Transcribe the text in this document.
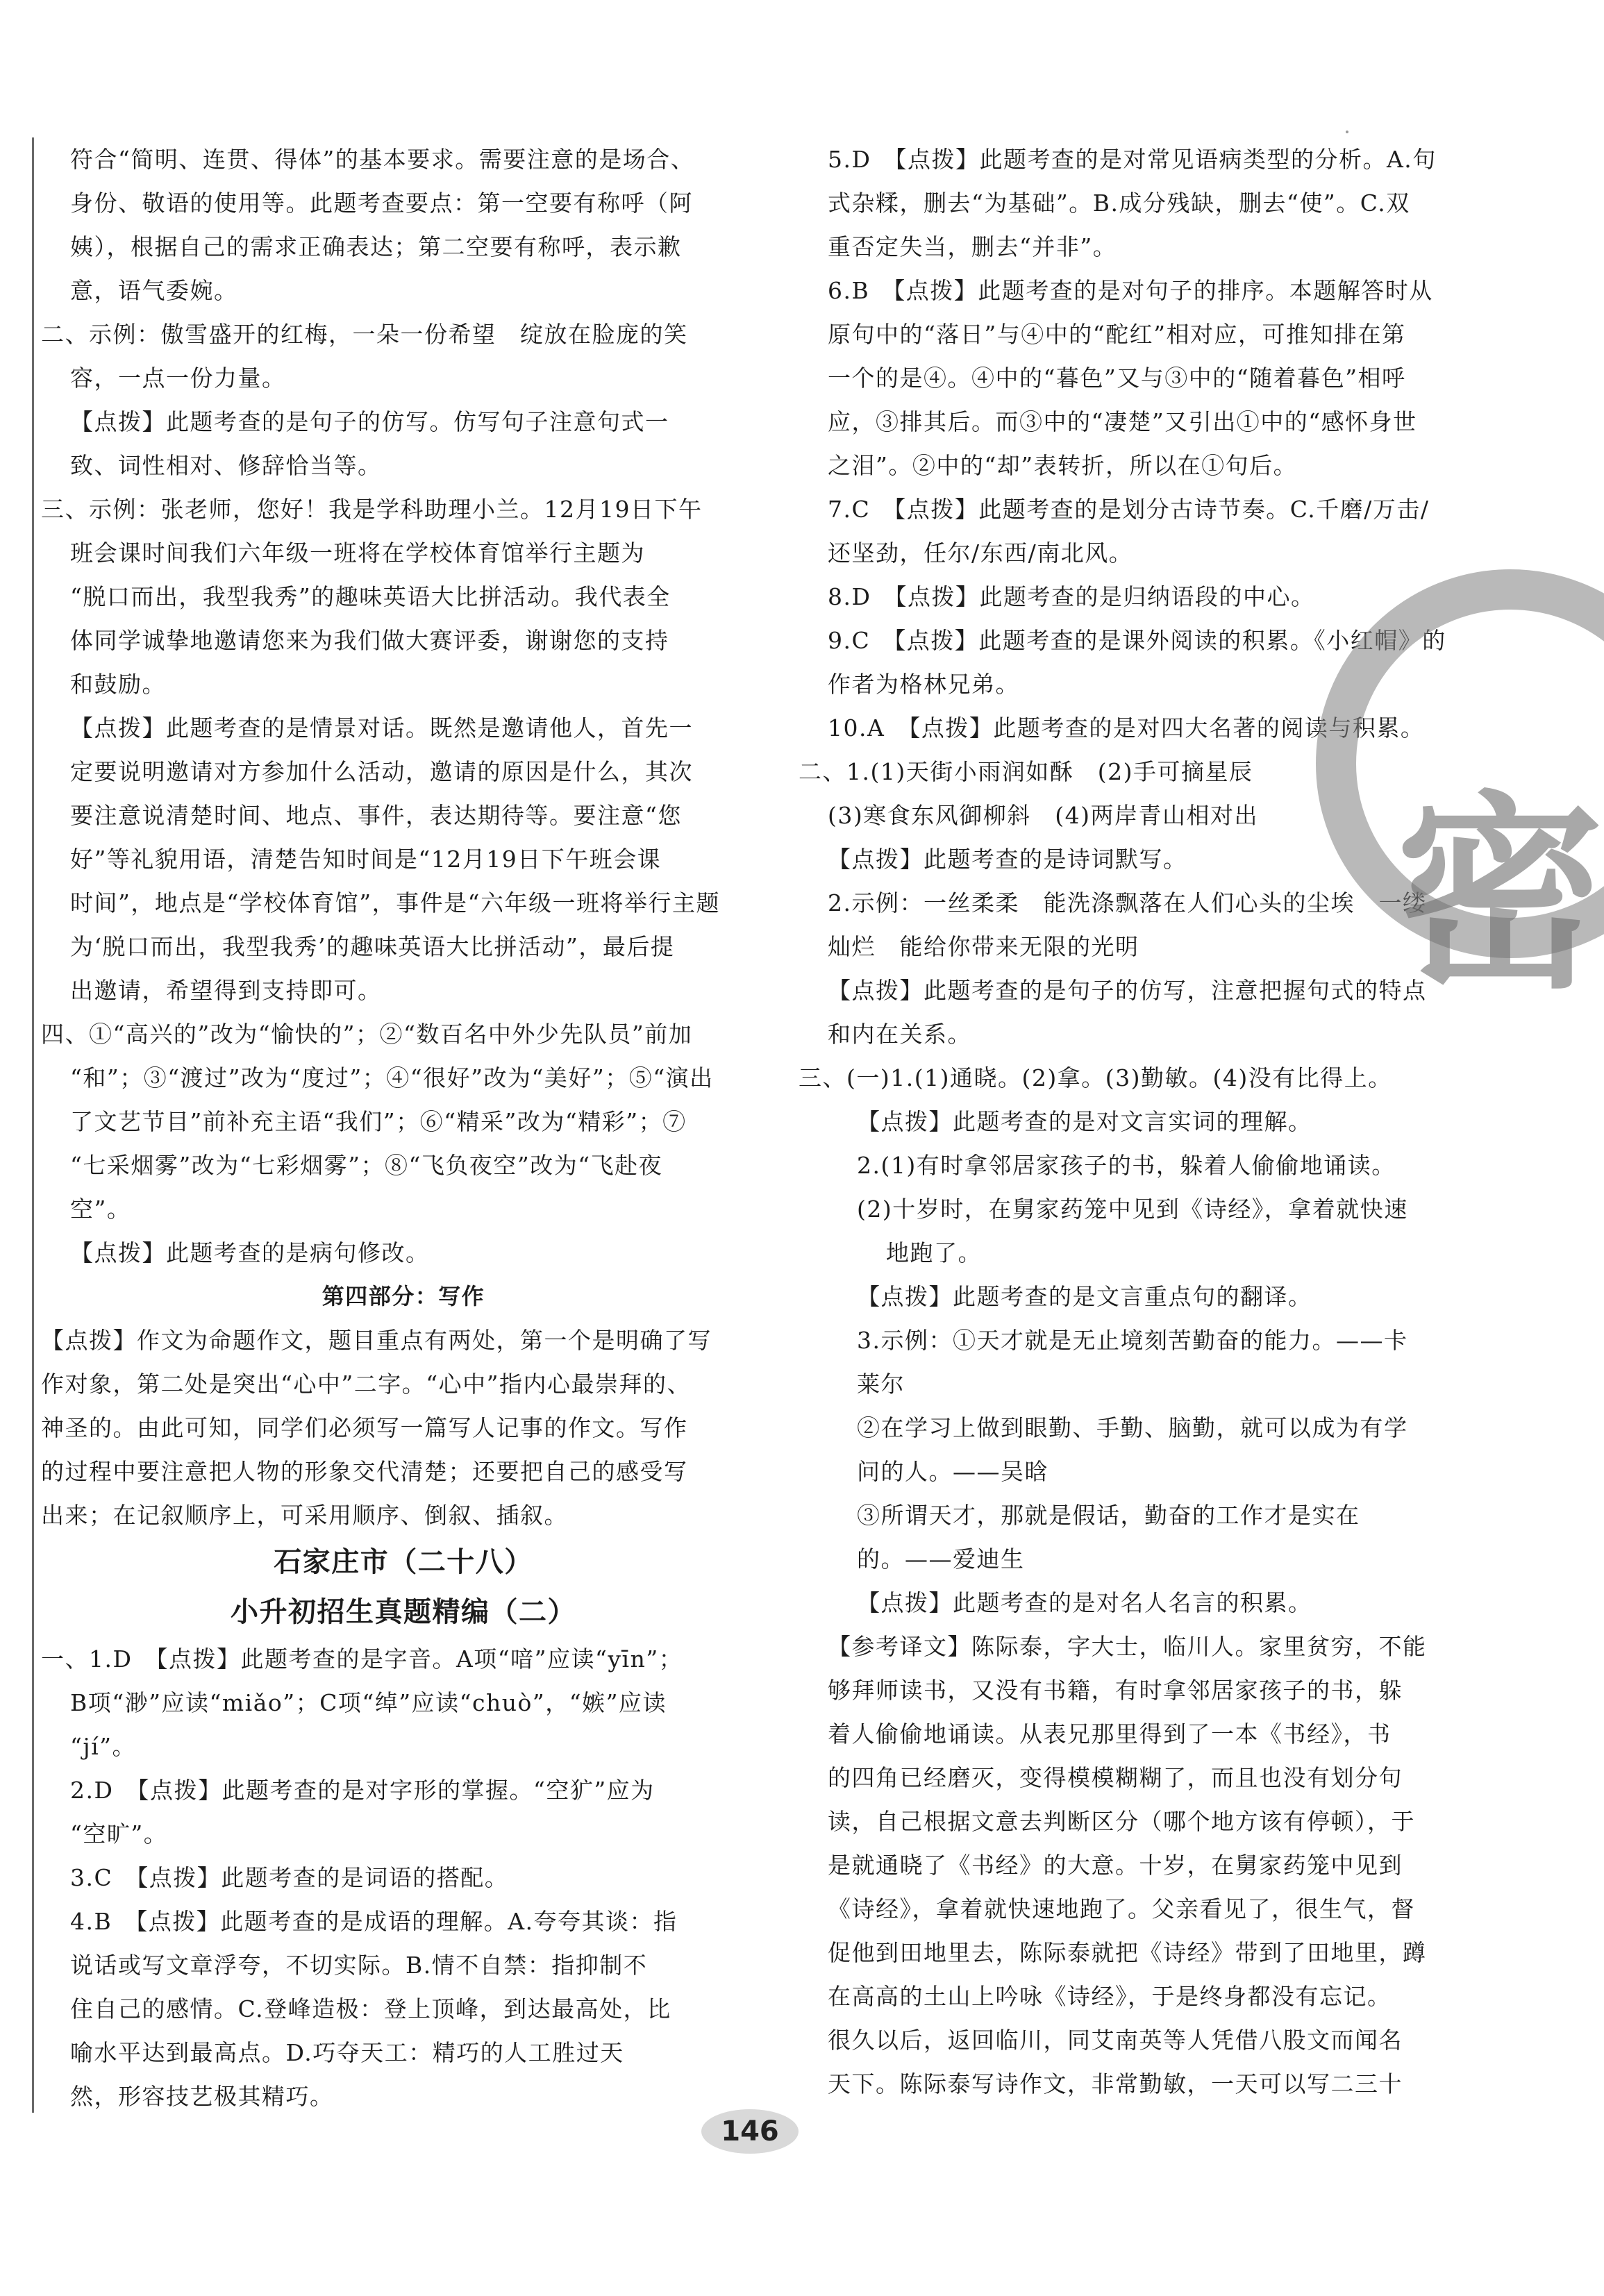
符合“简明、连贯、得体”的基本要求。需要注意的是场合、
身份、敬语的使用等。此题考查要点：第一空要有称呼（阿
姨），根据自己的需求正确表达；第二空要有称呼，表示歉
意，语气委婉。
二、示例：傲雪盛开的红梅，一朵一份希望　绽放在脸庞的笑
容，一点一份力量。
【点拨】此题考查的是句子的仿写。仿写句子注意句式一
致、词性相对、修辞恰当等。
三、示例：张老师，您好！我是学科助理小兰。12月19日下午
班会课时间我们六年级一班将在学校体育馆举行主题为
“脱口而出，我型我秀”的趣味英语大比拼活动。我代表全
体同学诚挚地邀请您来为我们做大赛评委，谢谢您的支持
和鼓励。
【点拨】此题考查的是情景对话。既然是邀请他人，首先一
定要说明邀请对方参加什么活动，邀请的原因是什么，其次
要注意说清楚时间、地点、事件，表达期待等。要注意“您
好”等礼貌用语，清楚告知时间是“12月19日下午班会课
时间”，地点是“学校体育馆”，事件是“六年级一班将举行主题
为‘脱口而出，我型我秀’的趣味英语大比拼活动”，最后提
出邀请，希望得到支持即可。
四、①“高兴的”改为“愉快的”；②“数百名中外少先队员”前加
“和”；③“渡过”改为“度过”；④“很好”改为“美好”；⑤“演出
了文艺节目”前补充主语“我们”；⑥“精采”改为“精彩”；⑦
“七采烟雾”改为“七彩烟雾”；⑧“飞负夜空”改为“飞赴夜
空”。
【点拨】此题考查的是病句修改。
第四部分：写作
【点拨】作文为命题作文，题目重点有两处，第一个是明确了写
作对象，第二处是突出“心中”二字。“心中”指内心最崇拜的、
神圣的。由此可知，同学们必须写一篇写人记事的作文。写作
的过程中要注意把人物的形象交代清楚；还要把自己的感受写
出来；在记叙顺序上，可采用顺序、倒叙、插叙。
石家庄市（二十八）
小升初招生真题精编（二）
一、1.D　【点拨】此题考查的是字音。A项“喑”应读“yīn”；
B项“渺”应读“miǎo”；C项“绰”应读“chuò”，“嫉”应读
“jí”。
2.D　【点拨】此题考查的是对字形的掌握。“空犷”应为
“空旷”。
3.C　【点拨】此题考查的是词语的搭配。
4.B　【点拨】此题考查的是成语的理解。A.夸夸其谈：指
说话或写文章浮夸，不切实际。B.情不自禁：指抑制不
住自己的感情。C.登峰造极：登上顶峰，到达最高处，比
喻水平达到最高点。D.巧夺天工：精巧的人工胜过天
然，形容技艺极其精巧。
5.D　【点拨】此题考查的是对常见语病类型的分析。A.句
式杂糅，删去“为基础”。B.成分残缺，删去“使”。C.双
重否定失当，删去“并非”。
6.B　【点拨】此题考查的是对句子的排序。本题解答时从
原句中的“落日”与④中的“酡红”相对应，可推知排在第
一个的是④。④中的“暮色”又与③中的“随着暮色”相呼
应，③排其后。而③中的“凄楚”又引出①中的“感怀身世
之泪”。②中的“却”表转折，所以在①句后。
7.C　【点拨】此题考查的是划分古诗节奏。C.千磨/万击/
还坚劲，任尔/东西/南北风。
8.D　【点拨】此题考查的是归纳语段的中心。
9.C　【点拨】此题考查的是课外阅读的积累。《小红帽》的
作者为格林兄弟。
10.A　【点拨】此题考查的是对四大名著的阅读与积累。
二、1.(1)天街小雨润如酥　(2)手可摘星辰
(3)寒食东风御柳斜　(4)两岸青山相对出
【点拨】此题考查的是诗词默写。
2.示例：一丝柔柔　能洗涤飘落在人们心头的尘埃　一缕
灿烂　能给你带来无限的光明
【点拨】此题考查的是句子的仿写，注意把握句式的特点
和内在关系。
三、(一)1.(1)通晓。(2)拿。(3)勤敏。(4)没有比得上。
【点拨】此题考查的是对文言实词的理解。
2.(1)有时拿邻居家孩子的书，躲着人偷偷地诵读。
(2)十岁时，在舅家药笼中见到《诗经》，拿着就快速
地跑了。
【点拨】此题考查的是文言重点句的翻译。
3.示例：①天才就是无止境刻苦勤奋的能力。——卡
莱尔
②在学习上做到眼勤、手勤、脑勤，就可以成为有学
问的人。——吴晗
③所谓天才，那就是假话，勤奋的工作才是实在
的。——爱迪生
【点拨】此题考查的是对名人名言的积累。
【参考译文】陈际泰，字大士，临川人。家里贫穷，不能
够拜师读书，又没有书籍，有时拿邻居家孩子的书，躲
着人偷偷地诵读。从表兄那里得到了一本《书经》，书
的四角已经磨灭，变得模模糊糊了，而且也没有划分句
读，自己根据文意去判断区分（哪个地方该有停顿），于
是就通晓了《书经》的大意。十岁，在舅家药笼中见到
《诗经》，拿着就快速地跑了。父亲看见了，很生气，督
促他到田地里去，陈际泰就把《诗经》带到了田地里，蹲
在高高的土山上吟咏《诗经》，于是终身都没有忘记。
很久以后，返回临川，同艾南英等人凭借八股文而闻名
天下。陈际泰写诗作文，非常勤敏，一天可以写二三十
密
146
